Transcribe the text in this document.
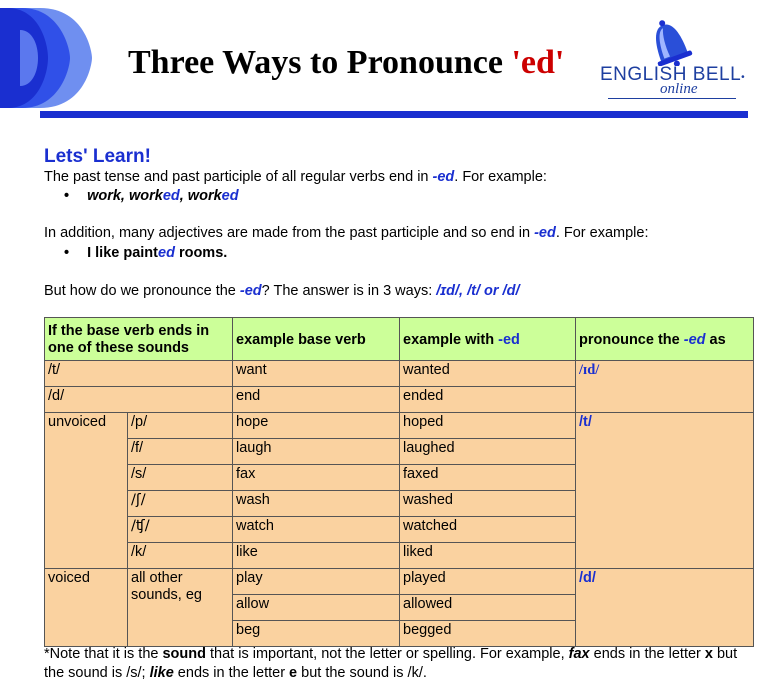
Three Ways to Pronounce 'ed' ENGLISH BELL•
online
Lets' Learn!
The past tense and past participle of all regular verbs end in -ed. For example:
• work, worked, worked
In addition, many adjectives are made from the past participle and so end in -ed. For example:
• I like painted rooms.
But how do we pronounce the -ed? The answer is in 3 ways: /ɪd/, /t/ or /d/
If the base verb ends in one of these sounds		example base verb	example with -ed	pronounce the -ed as
/t/		want	wanted	/ɪd/
/d/		end	ended	
unvoiced	/p/	hope	hoped	/t/
	/f/	laugh	laughed	
	/s/	fax	faxed	
	/ʃ/	wash	washed	
	/ʧ/	watch	watched	
	/k/	like	liked	
voiced	all other sounds, eg	play	played	/d/
		allow	allowed	
		beg	begged	
*Note that it is the sound that is important, not the letter or spelling. For example, fax ends in the letter x but the sound is /s/; like ends in the letter e but the sound is /k/.
